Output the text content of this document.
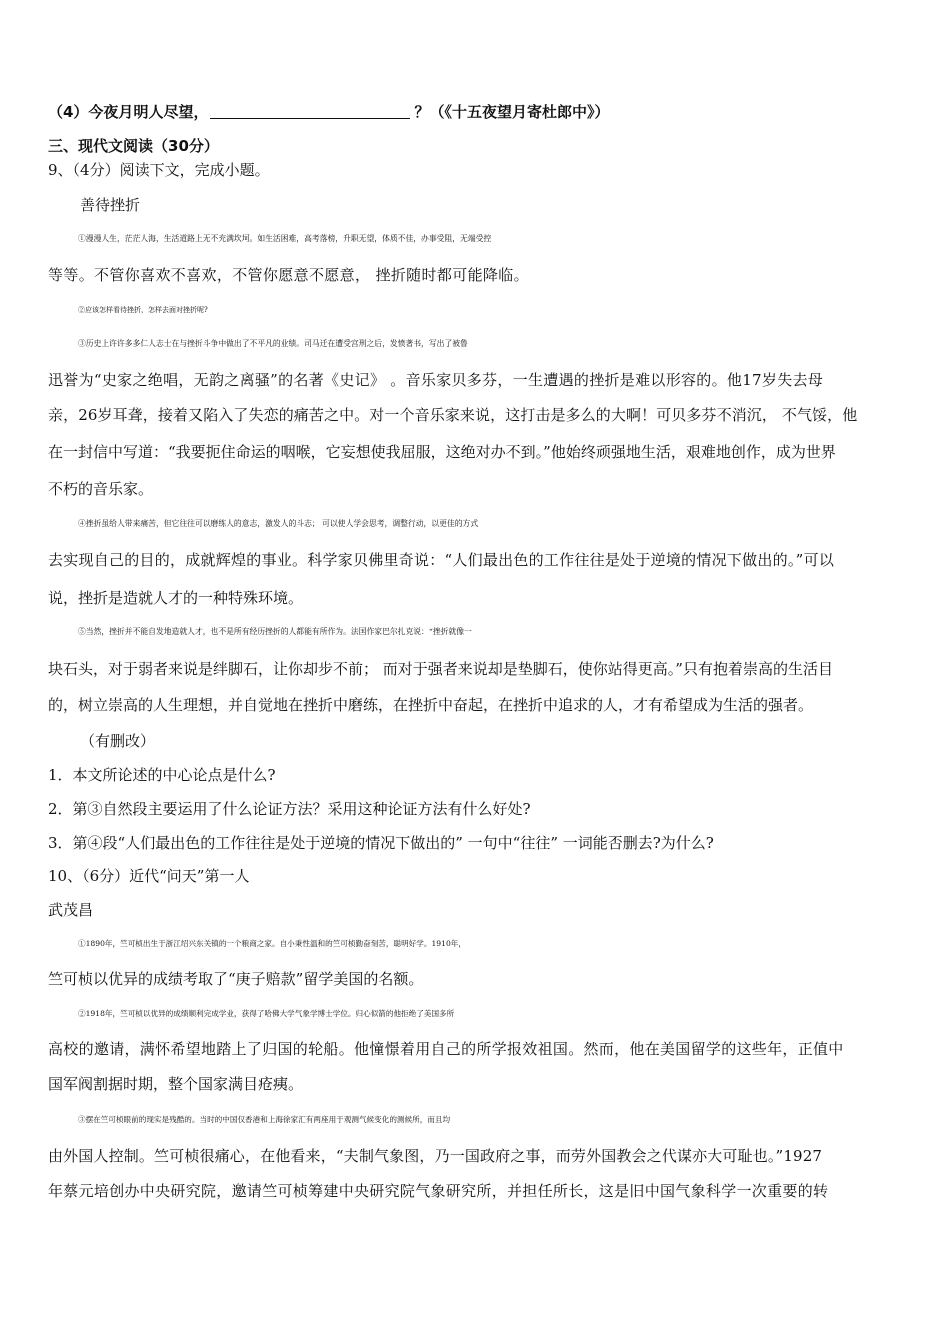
（4）今夜月明人尽望，	？（《十五夜望月寄杜郎中》）
三、现代文阅读（30分）
9、（4分）阅读下文，完成小题。
善待挫折
①漫漫人生，茫茫人海，生活道路上无不充满坎坷。如生活困难，高考落榜，升职无望，体质不佳，办事受阻，无端受控
等等。不管你喜欢不喜欢，不管你愿意不愿意， 挫折随时都可能降临。
②应该怎样看待挫折，怎样去面对挫折呢?
③历史上许许多多仁人志士在与挫折斗争中做出了不平凡的业绩。司马迁在遭受宫刑之后，发愤著书，写出了被鲁
迅誉为“史家之绝唱，无韵之离骚”的名著《史记》 。音乐家贝多芬，一生遭遇的挫折是难以形容的。他17岁失去母
亲，26岁耳聋，接着又陷入了失恋的痛苦之中。对一个音乐家来说，这打击是多么的大啊！可贝多芬不消沉， 不气馁，他
在一封信中写道：“我要扼住命运的咽喉，它妄想使我屈服，这绝对办不到。”他始终顽强地生活，艰难地创作，成为世界
不朽的音乐家。
④挫折虽给人带来痛苦，但它往往可以磨练人的意志，激发人的斗志； 可以使人学会思考，调整行动，以更佳的方式
去实现自己的目的，成就辉煌的事业。科学家贝佛里奇说：“人们最出色的工作往往是处于逆境的情况下做出的。”可以
说，挫折是造就人才的一种特殊环境。
⑤当然，挫折并不能自发地造就人才，也不是所有经历挫折的人都能有所作为。法国作家巴尔扎克说：“挫折就像一
块石头，对于弱者来说是绊脚石，让你却步不前； 而对于强者来说却是垫脚石，使你站得更高。”只有抱着崇高的生活目
的，树立崇高的人生理想，并自觉地在挫折中磨练，在挫折中奋起，在挫折中追求的人，才有希望成为生活的强者。
（有删改）
1．本文所论述的中心论点是什么?
2．第③自然段主要运用了什么论证方法？采用这种论证方法有什么好处?
3．第④段“人们最出色的工作往往是处于逆境的情况下做出的” 一句中“往往” 一词能否删去?为什么?
10、（6分）近代“问天”第一人
武茂昌
①1890年，竺可桢出生于浙江绍兴东关镇的一个粮商之家。自小秉性温和的竺可桢勤奋刻苦，聪明好学。1910年，
竺可桢以优异的成绩考取了“庚子赔款”留学美国的名额。
②1918年，竺可桢以优异的成绩顺利完成学业，获得了哈佛大学气象学博士学位。归心似箭的他拒绝了美国多所
高校的邀请，满怀希望地踏上了归国的轮船。他憧憬着用自己的所学报效祖国。然而，他在美国留学的这些年，正值中
国军阀割据时期，整个国家满目疮痍。
③摆在竺可桢眼前的现实是残酷的。当时的中国仅香港和上海徐家汇有两座用于观测气候变化的测候所，而且均
由外国人控制。竺可桢很痛心，在他看来，“夫制气象图，乃一国政府之事，而劳外国教会之代谋亦大可耻也。”1927
年蔡元培创办中央研究院，邀请竺可桢筹建中央研究院气象研究所，并担任所长，这是旧中国气象科学一次重要的转
